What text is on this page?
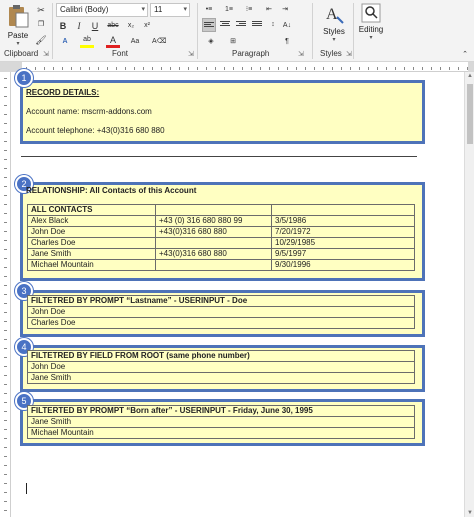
Paste
▾
✂
❐
🖌
Clipboard ⇲
Calibri (Body)	▾	11	▾
B	I	U	abc	x₂	x²
A	ab	A	Aa	A⌫
Font	⇲
•≡	1≡	⁝≡	⇤	⇥
A↓
¶
↕
◈	⊞
Paragraph	⇲
A
Styles
▾
Styles ⇲
Editing
▾
⌃
1
RECORD DETAILS:
Account name: mscrm-addons.com
Account telephone: +43(0)316 680 880
2
RELATIONSHIP: All Contacts of this Account
ALL CONTACTS		
Alex Black	+43 (0) 316 680 880 99	3/5/1986
John Doe	+43(0)316 680 880	7/20/1972
Charles Doe		10/29/1985
Jane Smith	+43(0)316 680 880	9/5/1997
Michael Mountain		9/30/1996
3
FILTETRED BY PROMPT “Lastname” - USERINPUT - Doe
John Doe
Charles Doe
4
FILTETRED BY FIELD FROM ROOT (same phone number)
John Doe
Jane Smith
5
FILTERTED BY PROMPT “Born after” - USERINPUT - Friday, June 30, 1995
Jane Smith
Michael Mountain
▲
▼
